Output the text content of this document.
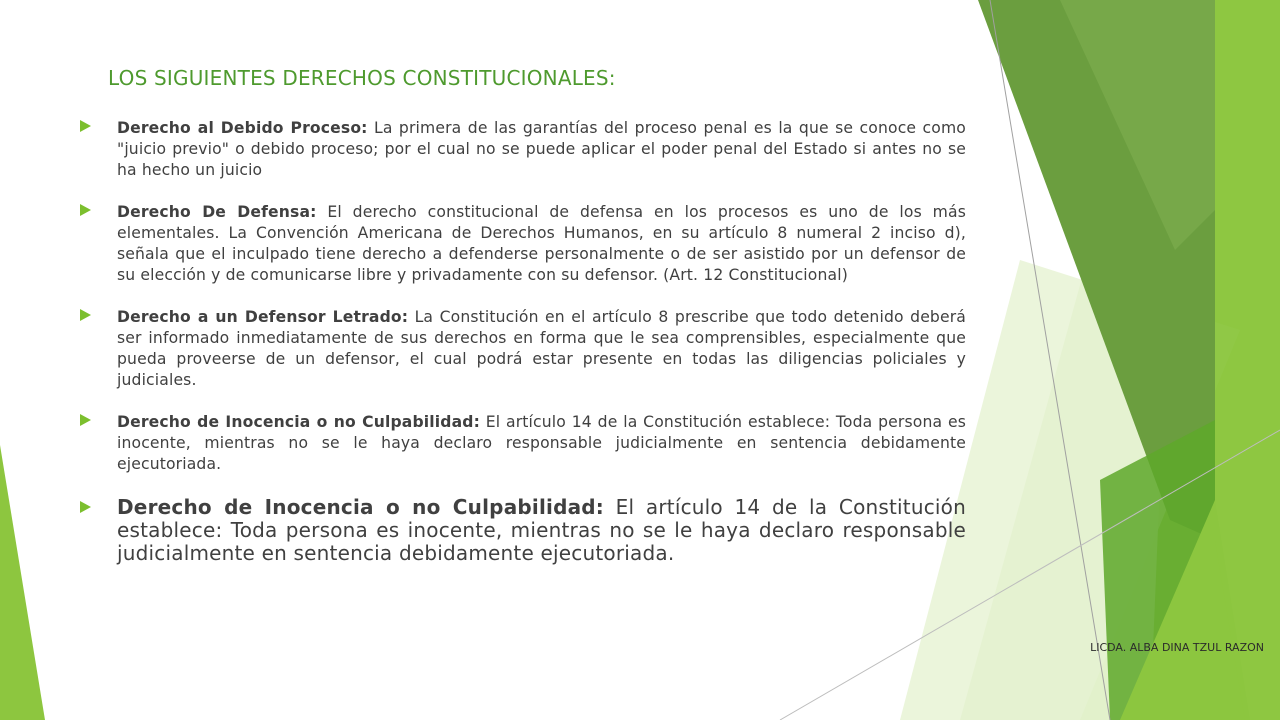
LOS SIGUIENTES DERECHOS CONSTITUCIONALES:
Derecho al Debido Proceso: La primera de las garantías del proceso penal es la que se conoce como "juicio previo" o debido proceso; por el cual no se puede aplicar el poder penal del Estado si antes no se ha hecho un juicio
Derecho De Defensa: El derecho constitucional de defensa en los procesos es uno de los más elementales. La Convención Americana de Derechos Humanos, en su artículo 8 numeral 2 inciso d), señala que el inculpado tiene derecho a defenderse personalmente o de ser asistido por un defensor de su elección y de comunicarse libre y privadamente con su defensor. (Art. 12 Constitucional)
Derecho a un Defensor Letrado: La Constitución en el artículo 8 prescribe que todo detenido deberá ser informado inmediatamente de sus derechos en forma que le sea comprensibles, especialmente que pueda proveerse de un defensor, el cual podrá estar presente en todas las diligencias policiales y judiciales.
Derecho de Inocencia o no Culpabilidad: El artículo 14 de la Constitución establece: Toda persona es inocente, mientras no se le haya declaro responsable judicialmente en sentencia debidamente ejecutoriada.
Derecho de Inocencia o no Culpabilidad: El artículo 14 de la Constitución establece: Toda persona es inocente, mientras no se le haya declaro responsable judicialmente en sentencia debidamente ejecutoriada.
LICDA. ALBA DINA TZUL RAZON
